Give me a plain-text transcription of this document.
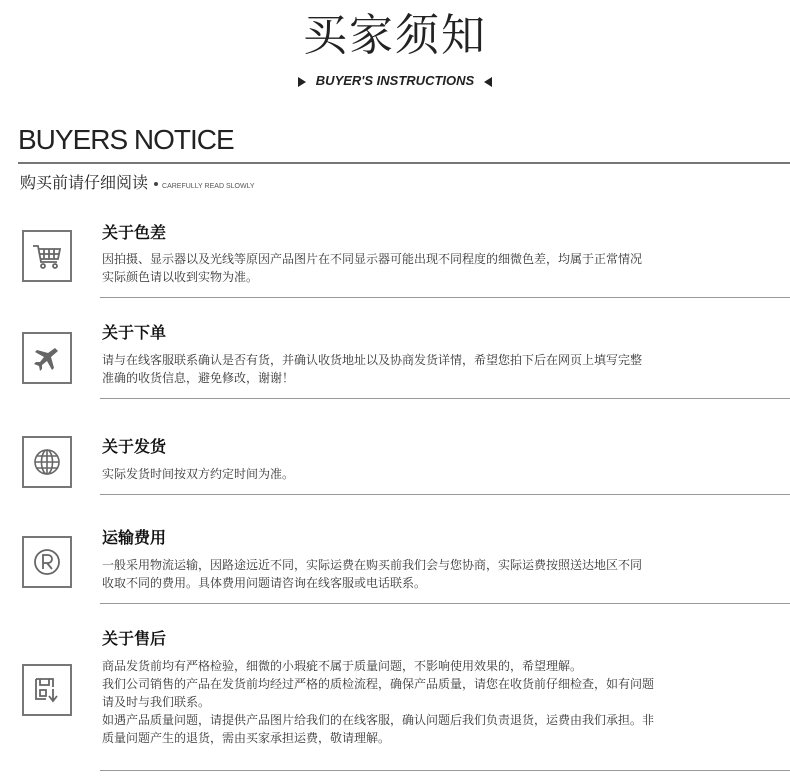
买家须知
BUYER'S INSTRUCTIONS
BUYERS NOTICE
购买前请仔细阅读 CAREFULLY READ SLOWLY
关于色差

因拍摄、显示器以及光线等原因产品图片在不同显示器可能出现不同程度的细微色差，均属于正常情况

实际颜色请以收到实物为准。

关于下单

请与在线客服联系确认是否有货，并确认收货地址以及协商发货详情，希望您拍下后在网页上填写完整

准确的收货信息，避免修改，谢谢！

关于发货

实际发货时间按双方约定时间为准。

运输费用

一般采用物流运输，因路途远近不同，实际运费在购买前我们会与您协商，实际运费按照送达地区不同

收取不同的费用。具体费用问题请咨询在线客服或电话联系。

关于售后

商品发货前均有严格检验，细微的小瑕疵不属于质量问题，不影响使用效果的，希望理解。

我们公司销售的产品在发货前均经过严格的质检流程，确保产品质量，请您在收货前仔细检查，如有问题

请及时与我们联系。

如遇产品质量问题，请提供产品图片给我们的在线客服，确认问题后我们负责退货，运费由我们承担。非

质量问题产生的退货，需由买家承担运费，敬请理解。
